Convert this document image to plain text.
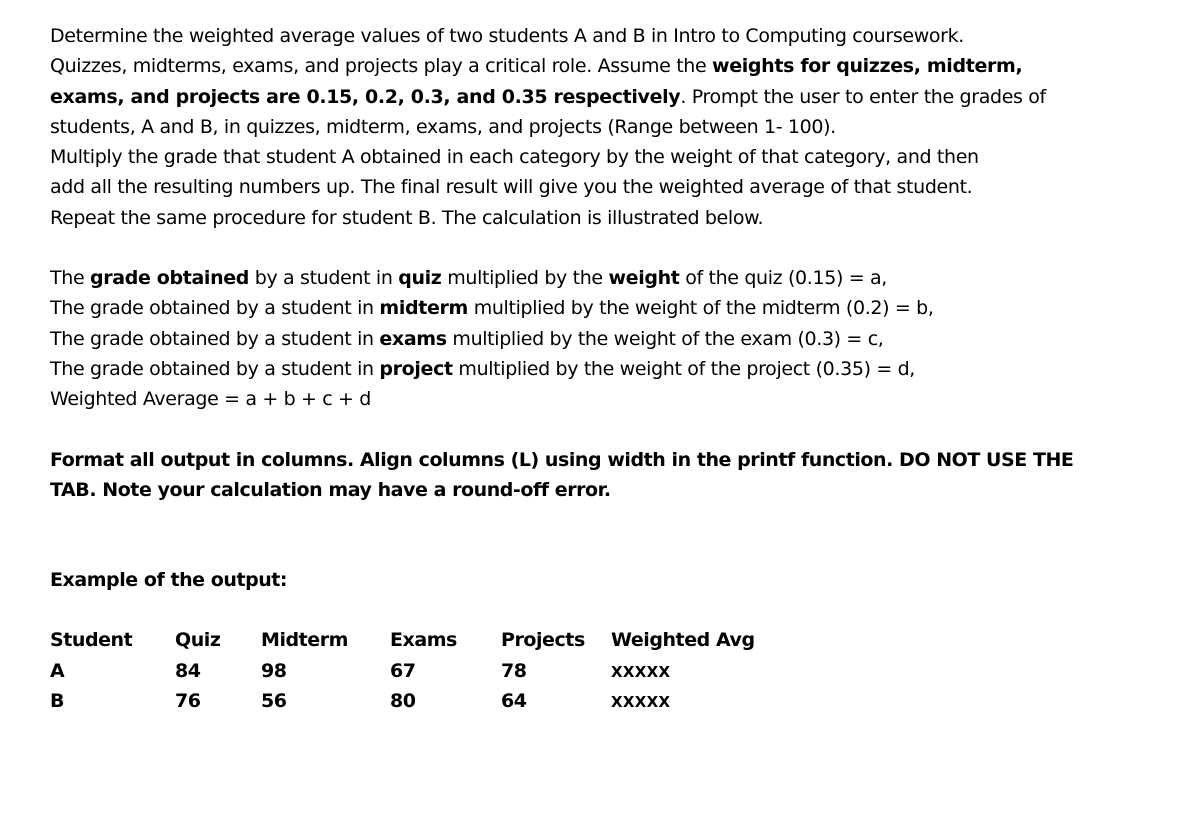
Determine the weighted average values of two students A and B in Intro to Computing coursework.
Quizzes, midterms, exams, and projects play a critical role. Assume the weights for quizzes, midterm,
exams, and projects are 0.15, 0.2, 0.3, and 0.35 respectively. Prompt the user to enter the grades of
students, A and B, in quizzes, midterm, exams, and projects (Range between 1- 100).
Multiply the grade that student A obtained in each category by the weight of that category, and then
add all the resulting numbers up. The final result will give you the weighted average of that student.
Repeat the same procedure for student B. The calculation is illustrated below.
The grade obtained by a student in quiz multiplied by the weight of the quiz (0.15) = a,
The grade obtained by a student in midterm multiplied by the weight of the midterm (0.2) = b,
The grade obtained by a student in exams multiplied by the weight of the exam (0.3) = c,
The grade obtained by a student in project multiplied by the weight of the project (0.35) = d,
Weighted Average = a + b + c + d
Format all output in columns. Align columns (L) using width in the printf function. DO NOT USE THE
TAB. Note your calculation may have a round-off error.
Example of the output:
Student	Quiz	Midterm	Exams	Projects	Weighted Avg
A	84	98	67	78	XXXXX
B	76	56	80	64	XXXXX
